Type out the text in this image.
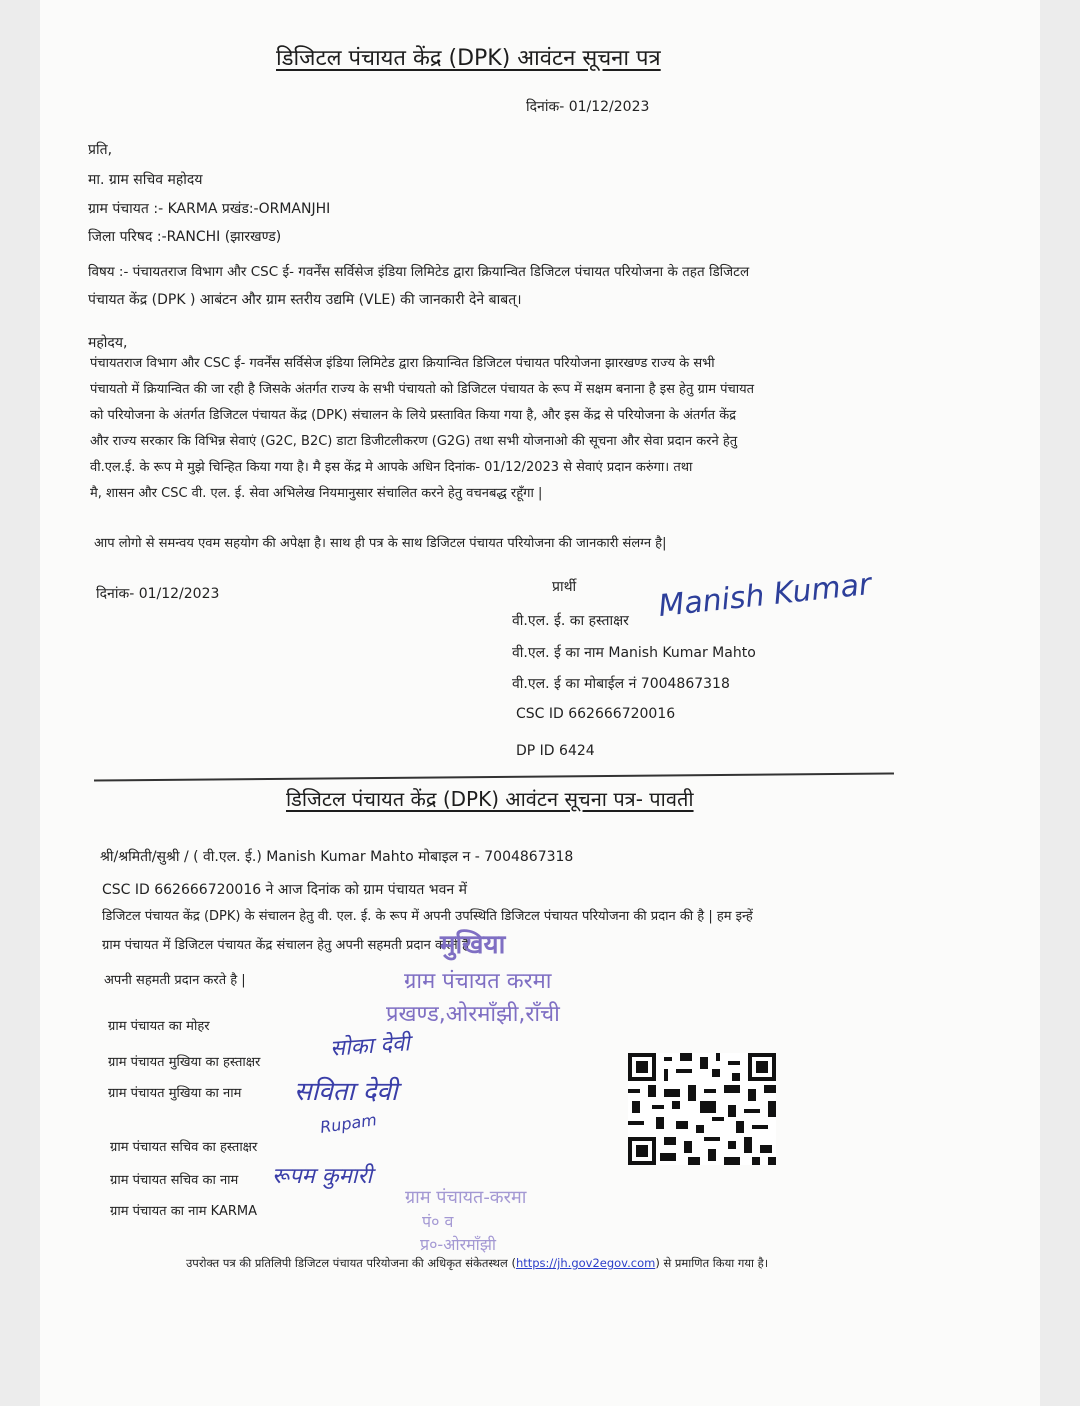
डिजिटल पंचायत केंद्र (DPK) आवंटन सूचना पत्र
दिनांक- 01/12/2023
प्रति,
मा. ग्राम सचिव महोदय
ग्राम पंचायत :- KARMA प्रखंड:-ORMANJHI
जिला परिषद :-RANCHI (झारखण्ड)
विषय :- पंचायतराज विभाग और CSC ई- गवर्नेंस सर्विसेज इंडिया लिमिटेड द्वारा क्रियान्वित डिजिटल पंचायत परियोजना के तहत डिजिटल
पंचायत केंद्र (DPK ) आबंटन और ग्राम स्तरीय उद्यमि (VLE) की जानकारी देने बाबत्।
महोदय,
पंचायतराज विभाग और CSC ई- गवर्नेंस सर्विसेज इंडिया लिमिटेड द्वारा क्रियान्वित डिजिटल पंचायत परियोजना झारखण्ड राज्य के सभी
पंचायतो में क्रियान्वित की जा रही है जिसके अंतर्गत राज्य के सभी पंचायतो को डिजिटल पंचायत के रूप में सक्षम बनाना है इस हेतु ग्राम पंचायत
को परियोजना के अंतर्गत डिजिटल पंचायत केंद्र (DPK) संचालन के लिये प्रस्तावित किया गया है, और इस केंद्र से परियोजना के अंतर्गत केंद्र
और राज्य सरकार कि विभिन्न सेवाएं (G2C, B2C) डाटा डिजीटलीकरण (G2G) तथा सभी योजनाओ की सूचना और सेवा प्रदान करने हेतु
वी.एल.ई. के रूप मे मुझे चिन्हित किया गया है। मै इस केंद्र मे आपके अधिन दिनांक- 01/12/2023 से सेवाएं प्रदान करुंगा। तथा
मै, शासन और CSC वी. एल. ई. सेवा अभिलेख नियमानुसार संचालित करने हेतु वचनबद्ध रहूँगा |
आप लोगो से समन्वय एवम सहयोग की अपेक्षा है। साथ ही पत्र के साथ डिजिटल पंचायत परियोजना की जानकारी संलग्न है|
दिनांक- 01/12/2023	प्रार्थी
वी.एल. ई. का हस्ताक्षर Manish Kumar
वी.एल. ई का नाम Manish Kumar Mahto
वी.एल. ई का मोबाईल नं 7004867318
CSC ID 662666720016
DP ID 6424
डिजिटल पंचायत केंद्र (DPK) आवंटन सूचना पत्र- पावती
श्री/श्रमिती/सुश्री / ( वी.एल. ई.) Manish Kumar Mahto मोबाइल न - 7004867318
CSC ID 662666720016 ने आज दिनांक को ग्राम पंचायत भवन में
डिजिटल पंचायत केंद्र (DPK) के संचालन हेतु वी. एल. ई. के रूप में अपनी उपस्थिति डिजिटल पंचायत परियोजना की प्रदान की है | हम इन्हें
ग्राम पंचायत में डिजिटल पंचायत केंद्र संचालन हेतु अपनी सहमती प्रदान करते है
अपनी सहमती प्रदान करते है |
ग्राम पंचायत का मोहर
ग्राम पंचायत मुखिया का हस्ताक्षर
ग्राम पंचायत मुखिया का नाम
ग्राम पंचायत सचिव का हस्ताक्षर
ग्राम पंचायत सचिव का नाम
ग्राम पंचायत का नाम KARMA
मुखिया
ग्राम पंचायत करमा
प्रखण्ड,ओरमाँझी,राँची
सोका देवी
सविता देवी
Rupam
रूपम कुमारी
ग्राम पंचायत-करमा
पं० व
प्र०-ओरमाँझी
उपरोक्त पत्र की प्रतिलिपी डिजिटल पंचायत परियोजना की अधिकृत संकेतस्थल (https://jh.gov2egov.com) से प्रमाणित किया गया है।
